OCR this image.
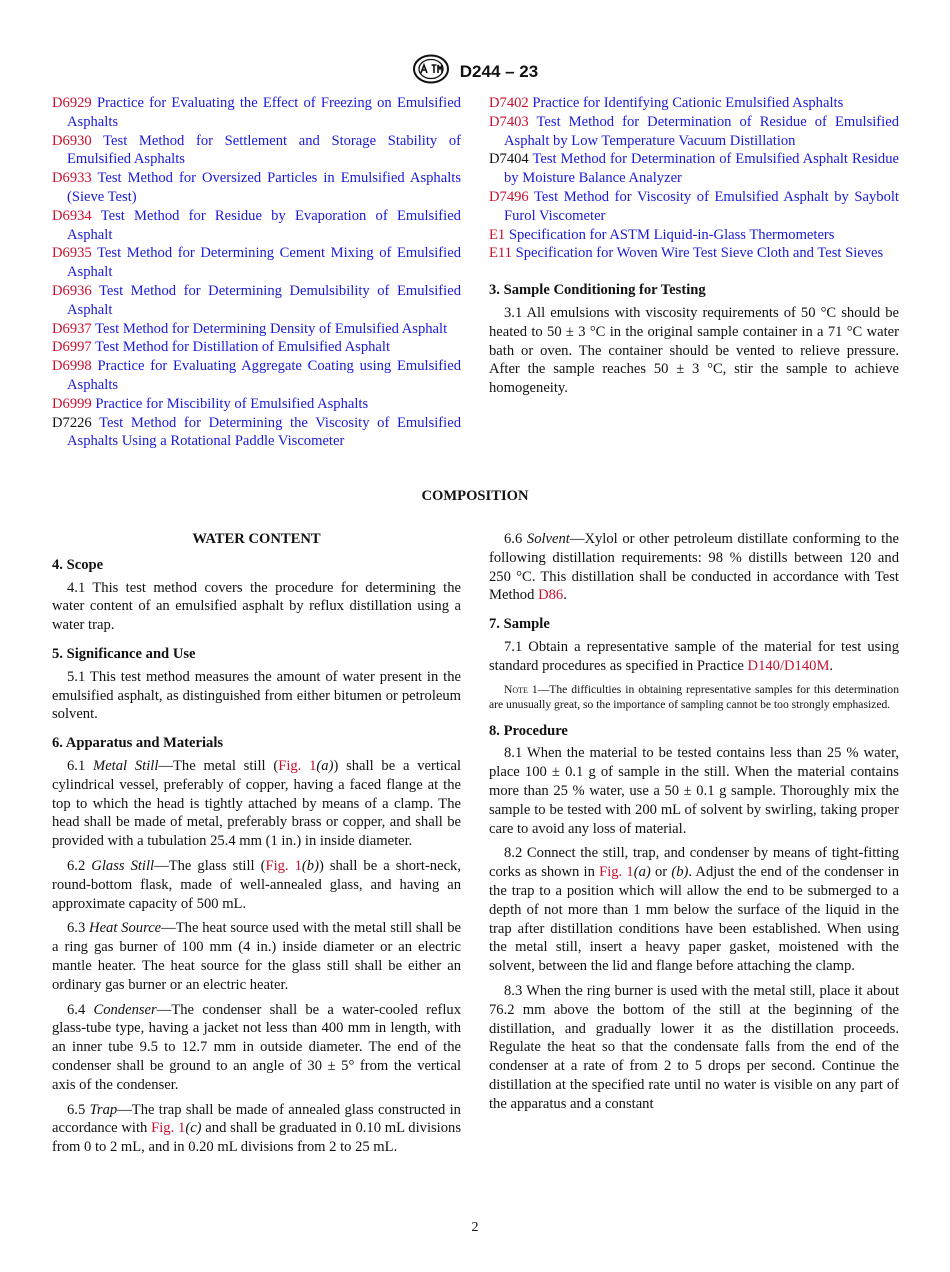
D244 – 23
D6929 Practice for Evaluating the Effect of Freezing on Emulsified Asphalts
D6930 Test Method for Settlement and Storage Stability of Emulsified Asphalts
D6933 Test Method for Oversized Particles in Emulsified Asphalts (Sieve Test)
D6934 Test Method for Residue by Evaporation of Emulsified Asphalt
D6935 Test Method for Determining Cement Mixing of Emulsified Asphalt
D6936 Test Method for Determining Demulsibility of Emulsified Asphalt
D6937 Test Method for Determining Density of Emulsified Asphalt
D6997 Test Method for Distillation of Emulsified Asphalt
D6998 Practice for Evaluating Aggregate Coating using Emulsified Asphalts
D6999 Practice for Miscibility of Emulsified Asphalts
D7226 Test Method for Determining the Viscosity of Emulsified Asphalts Using a Rotational Paddle Viscometer
D7402 Practice for Identifying Cationic Emulsified Asphalts
D7403 Test Method for Determination of Residue of Emulsified Asphalt by Low Temperature Vacuum Distillation
D7404 Test Method for Determination of Emulsified Asphalt Residue by Moisture Balance Analyzer
D7496 Test Method for Viscosity of Emulsified Asphalt by Saybolt Furol Viscometer
E1 Specification for ASTM Liquid-in-Glass Thermometers
E11 Specification for Woven Wire Test Sieve Cloth and Test Sieves
3. Sample Conditioning for Testing
3.1 All emulsions with viscosity requirements of 50 °C should be heated to 50 ± 3 °C in the original sample container in a 71 °C water bath or oven. The container should be vented to relieve pressure. After the sample reaches 50 ± 3 °C, stir the sample to achieve homogeneity.
COMPOSITION
WATER CONTENT
4. Scope
4.1 This test method covers the procedure for determining the water content of an emulsified asphalt by reflux distillation using a water trap.
5. Significance and Use
5.1 This test method measures the amount of water present in the emulsified asphalt, as distinguished from either bitumen or petroleum solvent.
6. Apparatus and Materials
6.1 Metal Still—The metal still (Fig. 1(a)) shall be a vertical cylindrical vessel, preferably of copper, having a faced flange at the top to which the head is tightly attached by means of a clamp. The head shall be made of metal, preferably brass or copper, and shall be provided with a tubulation 25.4 mm (1 in.) in inside diameter.
6.2 Glass Still—The glass still (Fig. 1(b)) shall be a short-neck, round-bottom flask, made of well-annealed glass, and having an approximate capacity of 500 mL.
6.3 Heat Source—The heat source used with the metal still shall be a ring gas burner of 100 mm (4 in.) inside diameter or an electric mantle heater. The heat source for the glass still shall be either an ordinary gas burner or an electric heater.
6.4 Condenser—The condenser shall be a water-cooled reflux glass-tube type, having a jacket not less than 400 mm in length, with an inner tube 9.5 to 12.7 mm in outside diameter. The end of the condenser shall be ground to an angle of 30 ± 5° from the vertical axis of the condenser.
6.5 Trap—The trap shall be made of annealed glass constructed in accordance with Fig. 1(c) and shall be graduated in 0.10 mL divisions from 0 to 2 mL, and in 0.20 mL divisions from 2 to 25 mL.
6.6 Solvent—Xylol or other petroleum distillate conforming to the following distillation requirements: 98 % distills between 120 and 250 °C. This distillation shall be conducted in accordance with Test Method D86.
7. Sample
7.1 Obtain a representative sample of the material for test using standard procedures as specified in Practice D140/D140M.
Note 1—The difficulties in obtaining representative samples for this determination are unusually great, so the importance of sampling cannot be too strongly emphasized.
8. Procedure
8.1 When the material to be tested contains less than 25 % water, place 100 ± 0.1 g of sample in the still. When the material contains more than 25 % water, use a 50 ± 0.1 g sample. Thoroughly mix the sample to be tested with 200 mL of solvent by swirling, taking proper care to avoid any loss of material.
8.2 Connect the still, trap, and condenser by means of tight-fitting corks as shown in Fig. 1(a) or (b). Adjust the end of the condenser in the trap to a position which will allow the end to be submerged to a depth of not more than 1 mm below the surface of the liquid in the trap after distillation conditions have been established. When using the metal still, insert a heavy paper gasket, moistened with the solvent, between the lid and flange before attaching the clamp.
8.3 When the ring burner is used with the metal still, place it about 76.2 mm above the bottom of the still at the beginning of the distillation, and gradually lower it as the distillation proceeds. Regulate the heat so that the condensate falls from the end of the condenser at a rate of from 2 to 5 drops per second. Continue the distillation at the specified rate until no water is visible on any part of the apparatus and a constant
2
